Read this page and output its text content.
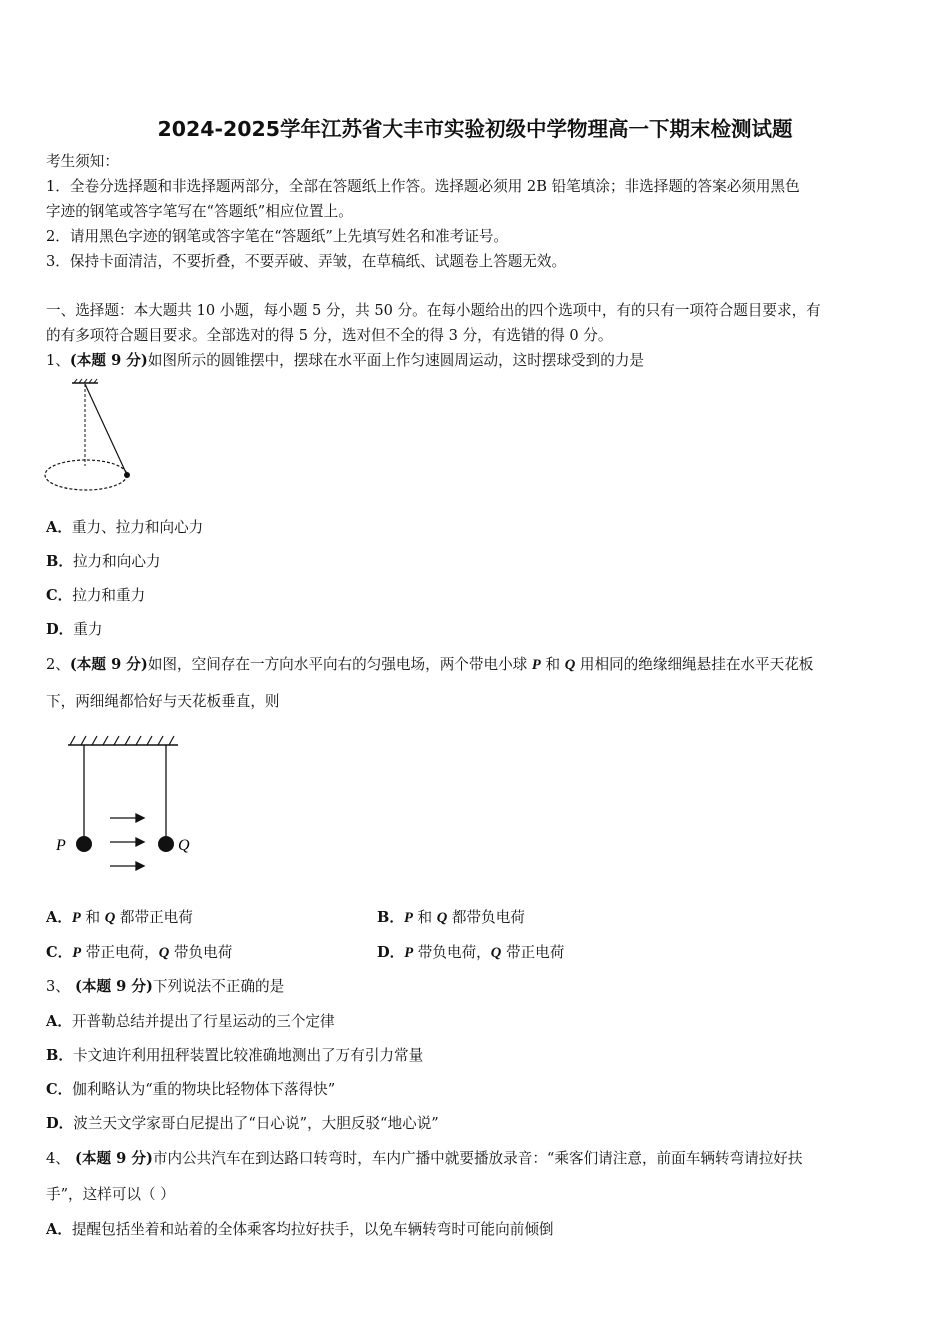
2024-2025学年江苏省大丰市实验初级中学物理高一下期末检测试题
考生须知：
1．全卷分选择题和非选择题两部分，全部在答题纸上作答。选择题必须用 2B 铅笔填涂；非选择题的答案必须用黑色
字迹的钢笔或答字笔写在“答题纸”相应位置上。
2．请用黑色字迹的钢笔或答字笔在“答题纸”上先填写姓名和准考证号。
3．保持卡面清洁，不要折叠，不要弄破、弄皱，在草稿纸、试题卷上答题无效。
一、选择题：本大题共 10 小题，每小题 5 分，共 50 分。在每小题给出的四个选项中，有的只有一项符合题目要求，有
的有多项符合题目要求。全部选对的得 5 分，选对但不全的得 3 分，有选错的得 0 分。
1、(本题 9 分)如图所示的圆锥摆中，摆球在水平面上作匀速圆周运动，这时摆球受到的力是
A．重力、拉力和向心力
B．拉力和向心力
C．拉力和重力
D．重力
2、(本题 9 分)如图，空间存在一方向水平向右的匀强电场，两个带电小球 P 和 Q 用相同的绝缘细绳悬挂在水平天花板
下，两细绳都恰好与天花板垂直，则
P	Q
A．P 和 Q 都带正电荷	B．P 和 Q 都带负电荷
C．P 带正电荷，Q 带负电荷	D．P 带负电荷，Q 带正电荷
3、 (本题 9 分)下列说法不正确的是
A．开普勒总结并提出了行星运动的三个定律
B．卡文迪许利用扭秤装置比较准确地测出了万有引力常量
C．伽利略认为“重的物块比轻物体下落得快”
D．波兰天文学家哥白尼提出了“日心说”，大胆反驳“地心说”
4、 (本题 9 分)市内公共汽车在到达路口转弯时，车内广播中就要播放录音：“乘客们请注意，前面车辆转弯请拉好扶
手”，这样可以（ ）
A．提醒包括坐着和站着的全体乘客均拉好扶手，以免车辆转弯时可能向前倾倒
